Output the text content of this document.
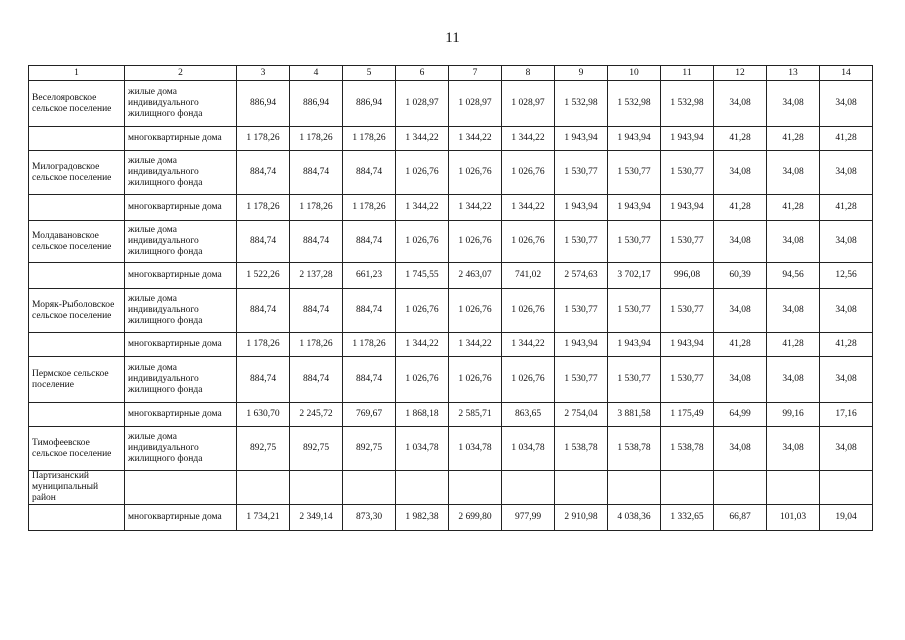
11
1	2	3	4	5	6	7	8	9	10	11	12	13	14
Веселояровское сельское поселение	жилые дома индивидуального жилищного фонда	886,94	886,94	886,94	1 028,97	1 028,97	1 028,97	1 532,98	1 532,98	1 532,98	34,08	34,08	34,08
	многоквартирные дома	1 178,26	1 178,26	1 178,26	1 344,22	1 344,22	1 344,22	1 943,94	1 943,94	1 943,94	41,28	41,28	41,28
Милоградовское сельское поселение	жилые дома индивидуального жилищного фонда	884,74	884,74	884,74	1 026,76	1 026,76	1 026,76	1 530,77	1 530,77	1 530,77	34,08	34,08	34,08
	многоквартирные дома	1 178,26	1 178,26	1 178,26	1 344,22	1 344,22	1 344,22	1 943,94	1 943,94	1 943,94	41,28	41,28	41,28
Молдавановское сельское поселение	жилые дома индивидуального жилищного фонда	884,74	884,74	884,74	1 026,76	1 026,76	1 026,76	1 530,77	1 530,77	1 530,77	34,08	34,08	34,08
	многоквартирные дома	1 522,26	2 137,28	661,23	1 745,55	2 463,07	741,02	2 574,63	3 702,17	996,08	60,39	94,56	12,56
Моряк-Рыболовское сельское поселение	жилые дома индивидуального жилищного фонда	884,74	884,74	884,74	1 026,76	1 026,76	1 026,76	1 530,77	1 530,77	1 530,77	34,08	34,08	34,08
	многоквартирные дома	1 178,26	1 178,26	1 178,26	1 344,22	1 344,22	1 344,22	1 943,94	1 943,94	1 943,94	41,28	41,28	41,28
Пермское сельское поселение	жилые дома индивидуального жилищного фонда	884,74	884,74	884,74	1 026,76	1 026,76	1 026,76	1 530,77	1 530,77	1 530,77	34,08	34,08	34,08
	многоквартирные дома	1 630,70	2 245,72	769,67	1 868,18	2 585,71	863,65	2 754,04	3 881,58	1 175,49	64,99	99,16	17,16
Тимофеевское сельское поселение	жилые дома индивидуального жилищного фонда	892,75	892,75	892,75	1 034,78	1 034,78	1 034,78	1 538,78	1 538,78	1 538,78	34,08	34,08	34,08
Партизанский муниципальный район													
	многоквартирные дома	1 734,21	2 349,14	873,30	1 982,38	2 699,80	977,99	2 910,98	4 038,36	1 332,65	66,87	101,03	19,04
